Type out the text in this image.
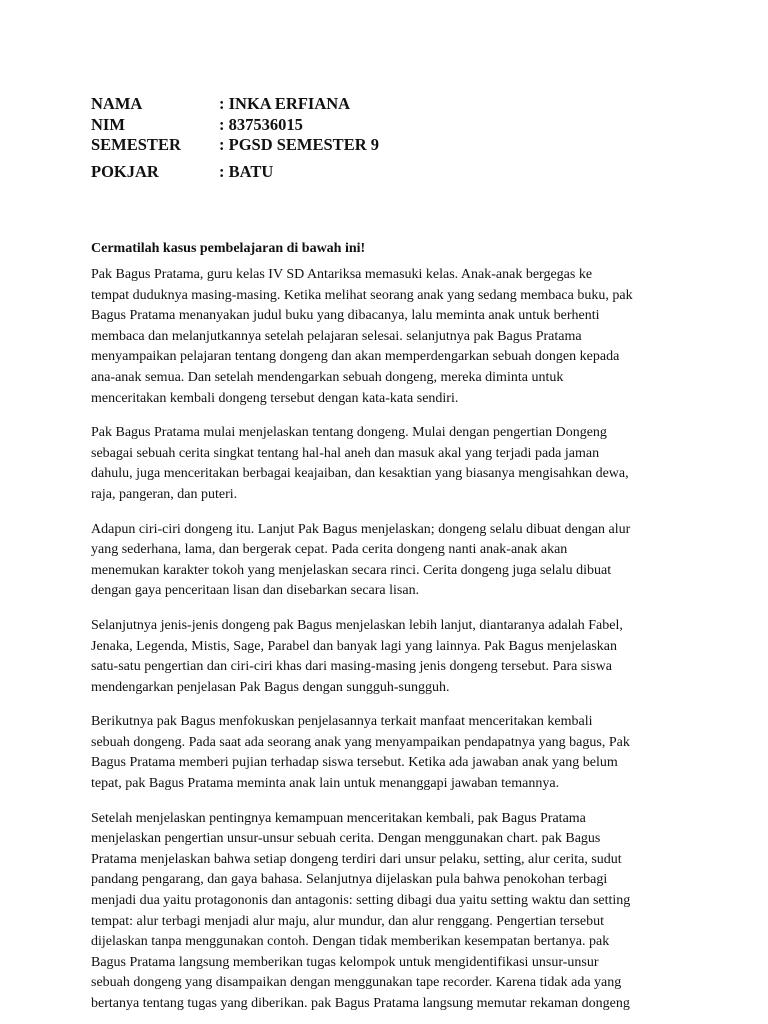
NAMA	: INKA ERFIANA
NIM	: 837536015
SEMESTER	: PGSD SEMESTER 9
POKJAR	: BATU
Cermatilah kasus pembelajaran di bawah ini!

Pak Bagus Pratama, guru kelas IV SD Antariksa memasuki kelas. Anak-anak bergegas ke

tempat duduknya masing-masing. Ketika melihat seorang anak yang sedang membaca buku, pak

Bagus Pratama menanyakan judul buku yang dibacanya, lalu meminta anak untuk berhenti

membaca dan melanjutkannya setelah pelajaran selesai. selanjutnya pak Bagus Pratama

menyampaikan pelajaran tentang dongeng dan akan memperdengarkan sebuah dongen kepada

ana-anak semua. Dan setelah mendengarkan sebuah dongeng, mereka diminta untuk

menceritakan kembali dongeng tersebut dengan kata-kata sendiri.

Pak Bagus Pratama mulai menjelaskan tentang dongeng. Mulai dengan pengertian Dongeng

sebagai sebuah cerita singkat tentang hal-hal aneh dan masuk akal yang terjadi pada jaman

dahulu, juga menceritakan berbagai keajaiban, dan kesaktian yang biasanya mengisahkan dewa,

raja, pangeran, dan puteri.

Adapun ciri-ciri dongeng itu. Lanjut Pak Bagus menjelaskan; dongeng selalu dibuat dengan alur

yang sederhana, lama, dan bergerak cepat. Pada cerita dongeng nanti anak-anak akan

menemukan karakter tokoh yang menjelaskan secara rinci. Cerita dongeng juga selalu dibuat

dengan gaya penceritaan lisan dan disebarkan secara lisan.

Selanjutnya jenis-jenis dongeng pak Bagus menjelaskan lebih lanjut, diantaranya adalah Fabel,

Jenaka, Legenda, Mistis, Sage, Parabel dan banyak lagi yang lainnya. Pak Bagus menjelaskan

satu-satu pengertian dan ciri-ciri khas dari masing-masing jenis dongeng tersebut. Para siswa

mendengarkan penjelasan Pak Bagus dengan sungguh-sungguh.

Berikutnya pak Bagus menfokuskan penjelasannya terkait manfaat menceritakan kembali

sebuah dongeng. Pada saat ada seorang anak yang menyampaikan pendapatnya yang bagus, Pak

Bagus Pratama memberi pujian terhadap siswa tersebut. Ketika ada jawaban anak yang belum

tepat, pak Bagus Pratama meminta anak lain untuk menanggapi jawaban temannya.

Setelah menjelaskan pentingnya kemampuan menceritakan kembali, pak Bagus Pratama

menjelaskan pengertian unsur-unsur sebuah cerita. Dengan menggunakan chart. pak Bagus

Pratama menjelaskan bahwa setiap dongeng terdiri dari unsur pelaku, setting, alur cerita, sudut

pandang pengarang, dan gaya bahasa. Selanjutnya dijelaskan pula bahwa penokohan terbagi

menjadi dua yaitu protagononis dan antagonis: setting dibagi dua yaitu setting waktu dan setting

tempat: alur terbagi menjadi alur maju, alur mundur, dan alur renggang. Pengertian tersebut

dijelaskan tanpa menggunakan contoh. Dengan tidak memberikan kesempatan bertanya. pak

Bagus Pratama langsung memberikan tugas kelompok untuk mengidentifikasi unsur-unsur

sebuah dongeng yang disampaikan dengan menggunakan tape recorder. Karena tidak ada yang

bertanya tentang tugas yang diberikan. pak Bagus Pratama langsung memutar rekaman dongeng
